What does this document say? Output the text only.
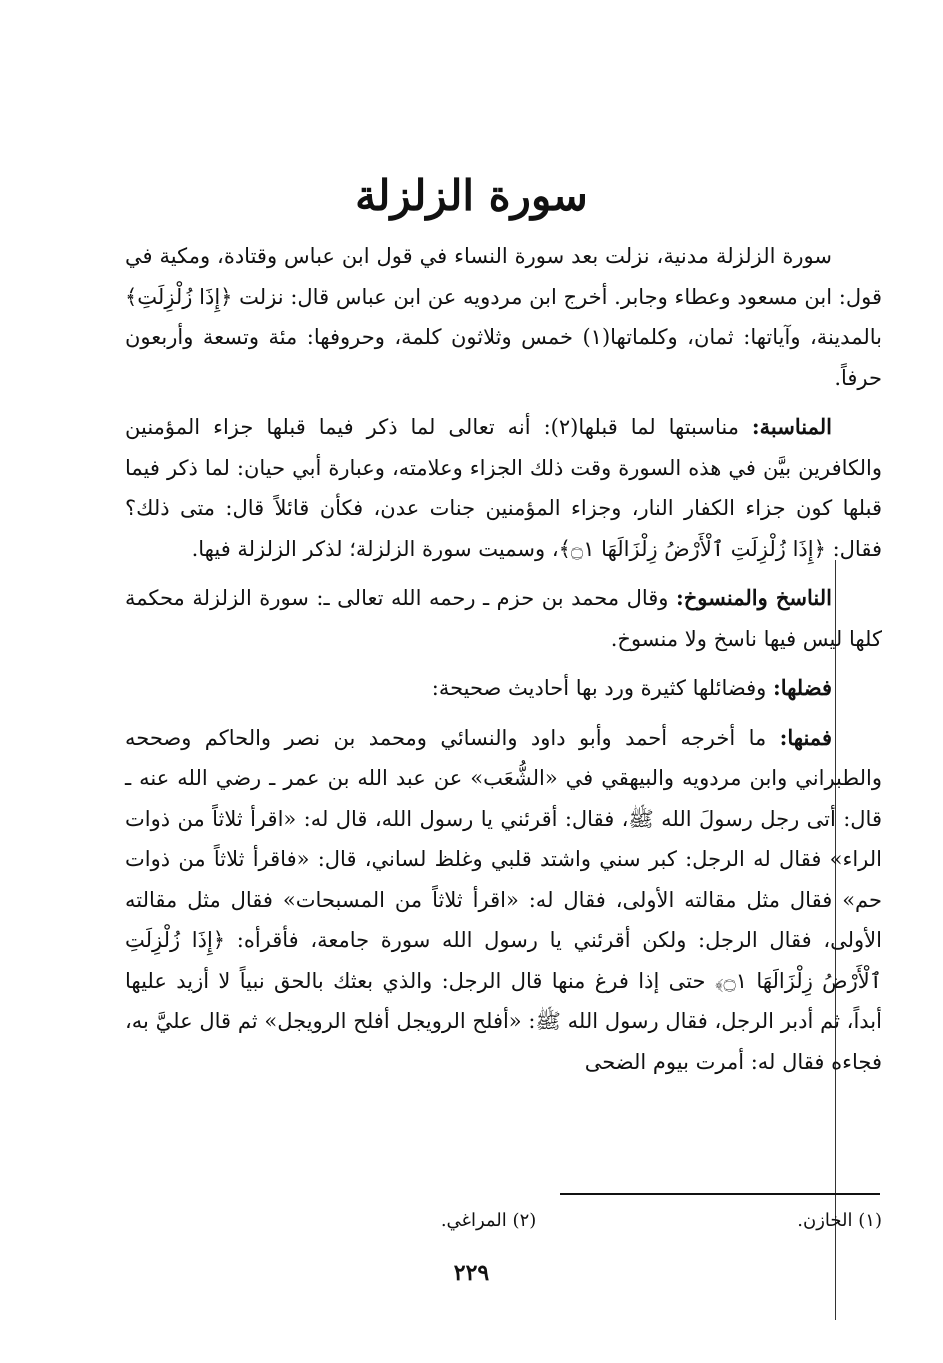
سورة الزلزلة

سورة الزلزلة مدنية، نزلت بعد سورة النساء في قول ابن عباس وقتادة، ومكية في قول: ابن مسعود وعطاء وجابر. أخرج ابن مردويه عن ابن عباس قال: نزلت ﴿إِذَا زُلْزِلَتِ﴾ بالمدينة، وآياتها: ثمان، وكلماتها(١) خمس وثلاثون كلمة، وحروفها: مئة وتسعة وأربعون حرفاً.

المناسبة: مناسبتها لما قبلها(٢): أنه تعالى لما ذكر فيما قبلها جزاء المؤمنين والكافرين بيَّن في هذه السورة وقت ذلك الجزاء وعلامته، وعبارة أبي حيان: لما ذكر فيما قبلها كون جزاء الكفار النار، وجزاء المؤمنين جنات عدن، فكأن قائلاً قال: متى ذلك؟ فقال: ﴿إِذَا زُلْزِلَتِ ٱلْأَرْضُ زِلْزَالَهَا ۝١﴾، وسميت سورة الزلزلة؛ لذكر الزلزلة فيها.

الناسخ والمنسوخ: وقال محمد بن حزم ـ رحمه الله تعالى ـ: سورة الزلزلة محكمة كلها ليس فيها ناسخ ولا منسوخ.

فضلها: وفضائلها كثيرة ورد بها أحاديث صحيحة:

فمنها: ما أخرجه أحمد وأبو داود والنسائي ومحمد بن نصر والحاكم وصححه والطبراني وابن مردويه والبيهقي في «الشُّعَب» عن عبد الله بن عمر ـ رضي الله عنه ـ قال: أتى رجل رسولَ الله ﷺ، فقال: أقرئني يا رسول الله، قال له: «اقرأ ثلاثاً من ذوات الراء» فقال له الرجل: كبر سني واشتد قلبي وغلظ لساني، قال: «فاقرأ ثلاثاً من ذوات حم» فقال مثل مقالته الأولى، فقال له: «اقرأ ثلاثاً من المسبحات» فقال مثل مقالته الأولى، فقال الرجل: ولكن أقرئني يا رسول الله سورة جامعة، فأقرأه: ﴿إِذَا زُلْزِلَتِ ٱلْأَرْضُ زِلْزَالَهَا ۝١﴾ حتى إذا فرغ منها قال الرجل: والذي بعثك بالحق نبياً لا أزيد عليها أبداً، ثم أدبر الرجل، فقال رسول الله ﷺ: «أفلح الرويجل أفلح الرويجل» ثم قال عليَّ به، فجاءه فقال له: أمرت بيوم الضحى

(١) الخازن. (٢) المراغي.
٢٢٩
